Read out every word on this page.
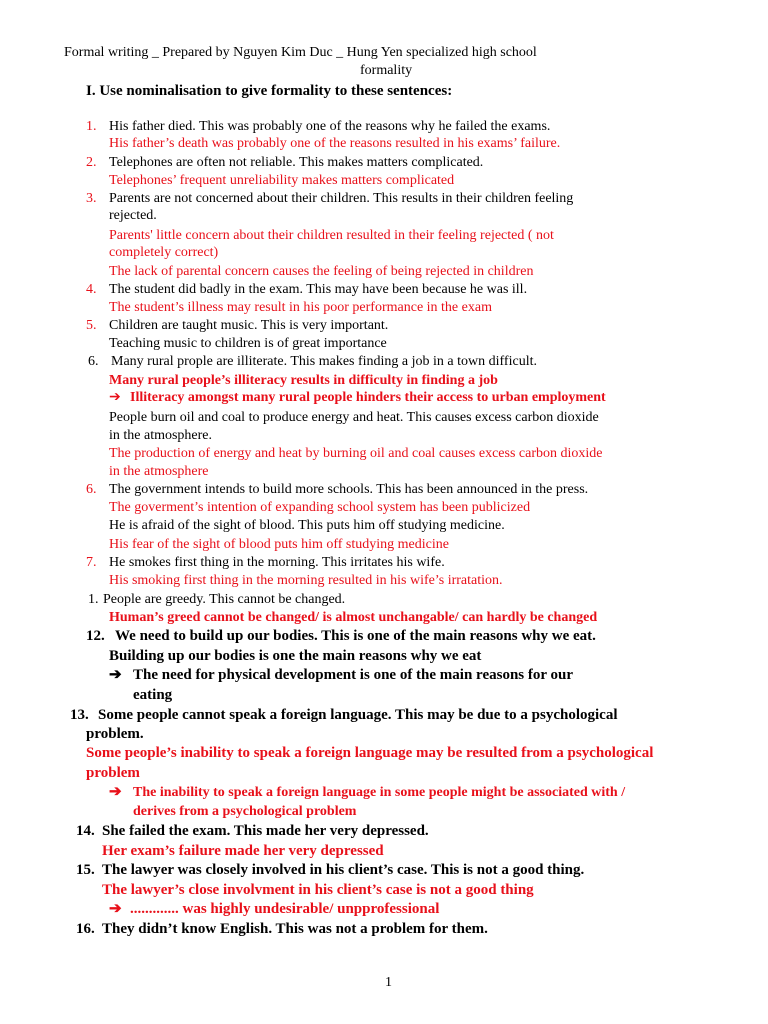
Formal writing _ Prepared by Nguyen Kim Duc _ Hung Yen specialized high school
formality
I. Use nominalisation to give formality to these sentences:
1. His father died. This was probably one of the reasons why he failed the exams.
His father’s death was probably one of the reasons resulted in his exams’ failure.
2. Telephones are often not reliable. This makes matters complicated.
Telephones’ frequent unreliability makes matters complicated
3. Parents are not concerned about their children. This results in their children feeling
rejected.
Parents' little concern about their children resulted in their feeling rejected ( not
completely correct)
The lack of parental concern causes the feeling of being rejected in children
4. The student did badly in the exam. This may have been because he was ill.
The student’s illness may result in his poor performance in the exam
5. Children are taught music. This is very important.
Teaching music to children is of great importance
6. Many rural prople are illiterate. This makes finding a job in a town difficult.
Many rural people’s illiteracy results in difficulty in finding a job
➔ Illiteracy amongst many rural people hinders their access to urban employment
People burn oil and coal to produce energy and heat. This causes excess carbon dioxide
in the atmosphere.
The production of energy and heat by burning oil and coal causes excess carbon dioxide
in the atmosphere
6. The government intends to build more schools. This has been announced in the press.
The goverment’s intention of expanding school system has been publicized
He is afraid of the sight of blood. This puts him off studying medicine.
His fear of the sight of blood puts him off studying medicine
7. He smokes first thing in the morning. This irritates his wife.
His smoking first thing in the morning resulted in his wife’s irratation.
1. People are greedy. This cannot be changed.
Human’s greed cannot be changed/ is almost unchangable/ can hardly be changed
12. We need to build up our bodies. This is one of the main reasons why we eat.
Building up our bodies is one the main reasons why we eat
➔ The need for physical development is one of the main reasons for our
eating
13. Some people cannot speak a foreign language. This may be due to a psychological
problem.
Some people’s inability to speak a foreign language may be resulted from a psychological
problem
➔ The inability to speak a foreign language in some people might be associated with /
derives from a psychological problem
14. She failed the exam. This made her very depressed.
Her exam’s failure made her very depressed
15. The lawyer was closely involved in his client’s case. This is not a good thing.
The lawyer’s close involvment in his client’s case is not a good thing
➔ ............. was highly undesirable/ unpprofessional
16. They didn’t know English. This was not a problem for them.
1
